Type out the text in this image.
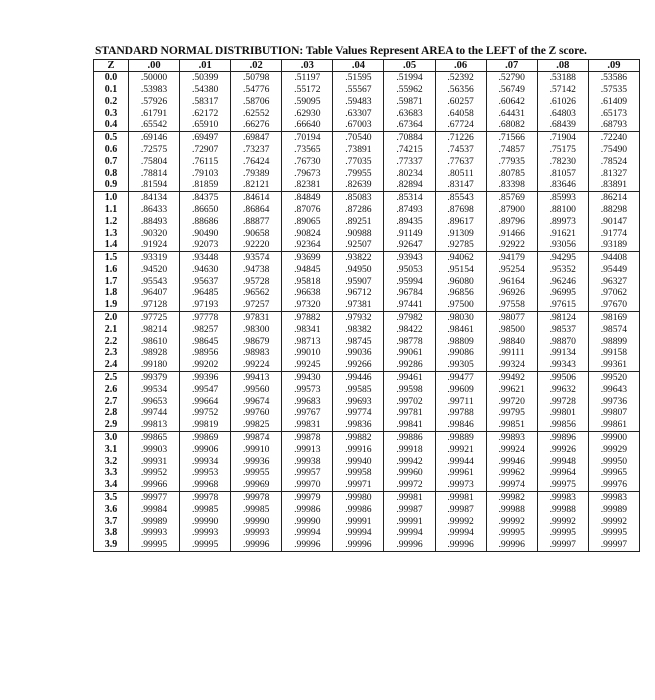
STANDARD NORMAL DISTRIBUTION: Table Values Represent AREA to the LEFT of the Z score.
Z	.00	.01	.02	.03	.04	.05	.06	.07	.08	.09
0.0	.50000	.50399	.50798	.51197	.51595	.51994	.52392	.52790	.53188	.53586
0.1	.53983	.54380	.54776	.55172	.55567	.55962	.56356	.56749	.57142	.57535
0.2	.57926	.58317	.58706	.59095	.59483	.59871	.60257	.60642	.61026	.61409
0.3	.61791	.62172	.62552	.62930	.63307	.63683	.64058	.64431	.64803	.65173
0.4	.65542	.65910	.66276	.66640	.67003	.67364	.67724	.68082	.68439	.68793
0.5	.69146	.69497	.69847	.70194	.70540	.70884	.71226	.71566	.71904	.72240
0.6	.72575	.72907	.73237	.73565	.73891	.74215	.74537	.74857	.75175	.75490
0.7	.75804	.76115	.76424	.76730	.77035	.77337	.77637	.77935	.78230	.78524
0.8	.78814	.79103	.79389	.79673	.79955	.80234	.80511	.80785	.81057	.81327
0.9	.81594	.81859	.82121	.82381	.82639	.82894	.83147	.83398	.83646	.83891
1.0	.84134	.84375	.84614	.84849	.85083	.85314	.85543	.85769	.85993	.86214
1.1	.86433	.86650	.86864	.87076	.87286	.87493	.87698	.87900	.88100	.88298
1.2	.88493	.88686	.88877	.89065	.89251	.89435	.89617	.89796	.89973	.90147
1.3	.90320	.90490	.90658	.90824	.90988	.91149	.91309	.91466	.91621	.91774
1.4	.91924	.92073	.92220	.92364	.92507	.92647	.92785	.92922	.93056	.93189
1.5	.93319	.93448	.93574	.93699	.93822	.93943	.94062	.94179	.94295	.94408
1.6	.94520	.94630	.94738	.94845	.94950	.95053	.95154	.95254	.95352	.95449
1.7	.95543	.95637	.95728	.95818	.95907	.95994	.96080	.96164	.96246	.96327
1.8	.96407	.96485	.96562	.96638	.96712	.96784	.96856	.96926	.96995	.97062
1.9	.97128	.97193	.97257	.97320	.97381	.97441	.97500	.97558	.97615	.97670
2.0	.97725	.97778	.97831	.97882	.97932	.97982	.98030	.98077	.98124	.98169
2.1	.98214	.98257	.98300	.98341	.98382	.98422	.98461	.98500	.98537	.98574
2.2	.98610	.98645	.98679	.98713	.98745	.98778	.98809	.98840	.98870	.98899
2.3	.98928	.98956	.98983	.99010	.99036	.99061	.99086	.99111	.99134	.99158
2.4	.99180	.99202	.99224	.99245	.99266	.99286	.99305	.99324	.99343	.99361
2.5	.99379	.99396	.99413	.99430	.99446	.99461	.99477	.99492	.99506	.99520
2.6	.99534	.99547	.99560	.99573	.99585	.99598	.99609	.99621	.99632	.99643
2.7	.99653	.99664	.99674	.99683	.99693	.99702	.99711	.99720	.99728	.99736
2.8	.99744	.99752	.99760	.99767	.99774	.99781	.99788	.99795	.99801	.99807
2.9	.99813	.99819	.99825	.99831	.99836	.99841	.99846	.99851	.99856	.99861
3.0	.99865	.99869	.99874	.99878	.99882	.99886	.99889	.99893	.99896	.99900
3.1	.99903	.99906	.99910	.99913	.99916	.99918	.99921	.99924	.99926	.99929
3.2	.99931	.99934	.99936	.99938	.99940	.99942	.99944	.99946	.99948	.99950
3.3	.99952	.99953	.99955	.99957	.99958	.99960	.99961	.99962	.99964	.99965
3.4	.99966	.99968	.99969	.99970	.99971	.99972	.99973	.99974	.99975	.99976
3.5	.99977	.99978	.99978	.99979	.99980	.99981	.99981	.99982	.99983	.99983
3.6	.99984	.99985	.99985	.99986	.99986	.99987	.99987	.99988	.99988	.99989
3.7	.99989	.99990	.99990	.99990	.99991	.99991	.99992	.99992	.99992	.99992
3.8	.99993	.99993	.99993	.99994	.99994	.99994	.99994	.99995	.99995	.99995
3.9	.99995	.99995	.99996	.99996	.99996	.99996	.99996	.99996	.99997	.99997
